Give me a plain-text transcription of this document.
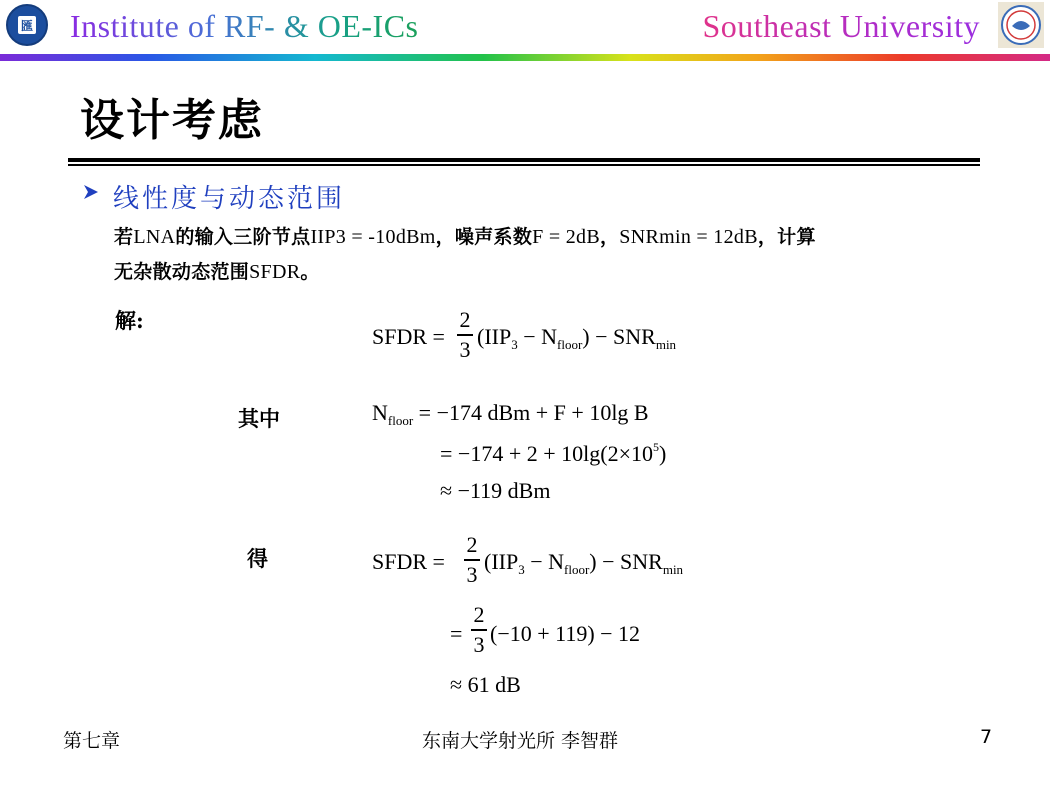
匯 Institute of RF- & OE-ICs	Southeast University
设计考虑
线性度与动态范围
若LNA的输入三阶节点IIP3 = -10dBm，噪声系数F = 2dB，SNRmin = 12dB，计算
无杂散动态范围SFDR。
解:
其中
得
SFDR =
2
3 $(IIP_3 - N_{floor}) - SNR_{min}$
$N_{floor} = -174$ dBm + F + 10lg B
= $-174 + 2 + 10\lg(2\times 10^5)$
≈ −119 dBm
SFDR =
2
3 $(IIP_3 - N_{floor}) - SNR_{min}$
=
2
3 (−10 + 119) − 12
≈ 61 dB
第七章	东南大学射光所 李智群	7
